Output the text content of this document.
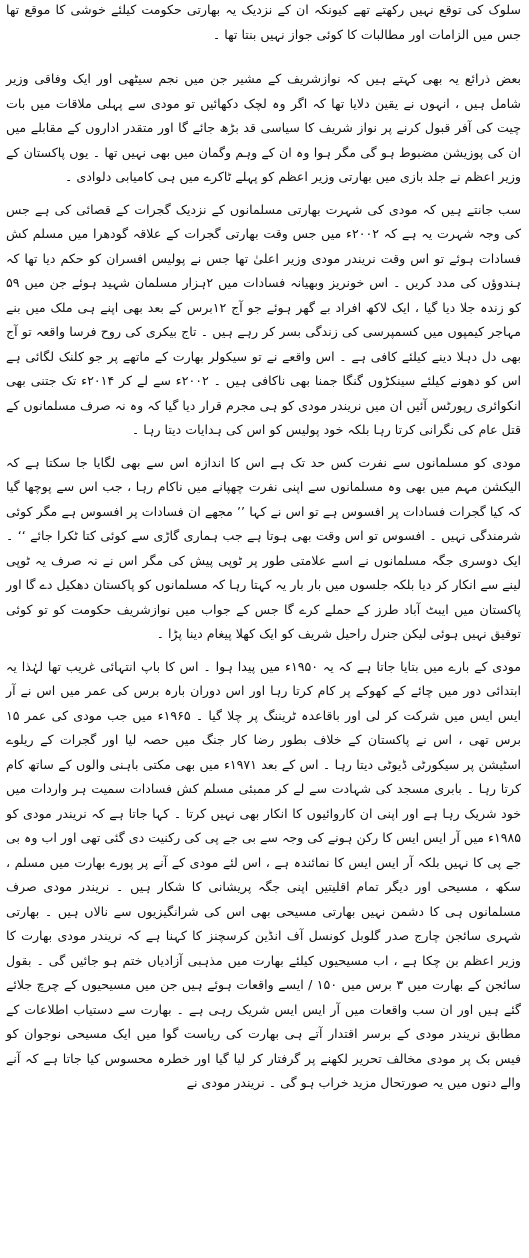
سلوک کی توقع نہیں رکھتے تھے کیونکہ ان کے نزدیک یہ بھارتی حکومت کیلئے خوشی کا موقع تھا جس میں الزامات اور مطالبات کا کوئی جواز نہیں بنتا تھا ۔

بعض ذرائع یہ بھی کہتے ہیں کہ نوازشریف کے مشیر جن میں نجم سیٹھی اور ایک وفاقی وزیر شامل ہیں ، انہوں نے یقین دلایا تھا کہ اگر وہ لچک دکھائیں تو مودی سے پہلی ملاقات میں بات چیت کی آفر قبول کرنے پر نواز شریف کا سیاسی قد بڑھ جائے گا اور متقدر اداروں کے مقابلے میں ان کی پوزیشن مضبوط ہو گی مگر ہوا وہ ان کے وہم وگمان میں بھی نہیں تھا ۔ یوں پاکستان کے وزیر اعظم نے جلد بازی میں بھارتی وزیر اعظم کو پہلے ٹاکرے میں ہی کامیابی دلوادی ۔

سب جانتے ہیں کہ مودی کی شہرت بھارتی مسلمانوں کے نزدیک گجرات کے قصائی کی ہے جس کی وجہ شہرت یہ ہے کہ ۲۰۰۲ء میں جس وقت بھارتی گجرات کے علاقہ گودھرا میں مسلم کش فسادات ہوئے تو اس وقت نریندر مودی وزیر اعلیٰ تھا جس نے پولیس افسران کو حکم دیا تھا کہ ہندوؤں کی مدد کریں ۔ اس خونریز وبھیانہ فسادات میں ۲ہزار مسلمان شہید ہوئے جن میں ۵۹ کو زندہ جلا دیا گیا ، ایک لاکھ افراد بے گھر ہوئے جو آج ۱۲برس کے بعد بھی اپنے ہی ملک میں بنے مہاجر کیمپوں میں کسمپرسی کی زندگی بسر کر رہے ہیں ۔ تاج بیکری کی روح فرسا واقعہ تو آج بھی دل دہلا دینے کیلئے کافی ہے ۔ اس واقعے نے تو سیکولر بھارت کے ماتھے پر جو کلنک لگائی ہے اس کو دھونے کیلئے سینکڑوں گنگا جمنا بھی ناکافی ہیں ۔ ۲۰۰۲ء سے لے کر ۲۰۱۴ء تک جتنی بھی انکوائری رپورٹس آئیں ان میں نریندر مودی کو ہی مجرم قرار دیا گیا کہ وہ نہ صرف مسلمانوں کے قتل عام کی نگرانی کرتا رہا بلکہ خود پولیس کو اس کی ہدایات دیتا رہا ۔

مودی کو مسلمانوں سے نفرت کس حد تک ہے اس کا اندازہ اس سے بھی لگایا جا سکتا ہے کہ الیکشن مہم میں بھی وہ مسلمانوں سے اپنی نفرت چھپانے میں ناکام رہا ، جب اس سے پوچھا گیا کہ کیا گجرات فسادات پر افسوس ہے تو اس نے کہا ’’ مجھے ان فسادات پر افسوس ہے مگر کوئی شرمندگی نہیں ۔ افسوس تو اس وقت بھی ہوتا ہے جب ہماری گاڑی سے کوئی کتا ٹکرا جائے ‘‘ ۔ ایک دوسری جگہ مسلمانوں نے اسے علامتی طور پر ٹوپی پیش کی مگر اس نے نہ صرف یہ ٹوپی لینے سے انکار کر دیا بلکہ جلسوں میں بار بار یہ کہتا رہا کہ مسلمانوں کو پاکستان دھکیل دے گا اور پاکستان میں ایبٹ آباد طرز کے حملے کرے گا جس کے جواب میں نوازشریف حکومت کو تو کوئی توفیق نہیں ہوئی لیکن جنرل راحیل شریف کو ایک کھلا پیغام دینا پڑا ۔

مودی کے بارے میں بتایا جاتا ہے کہ یہ ۱۹۵۰ء میں پیدا ہوا ۔ اس کا باپ انتہائی غریب تھا لہٰذا یہ ابتدائی دور میں چائے کے کھوکے پر کام کرتا رہا اور اس دوران بارہ برس کی عمر میں اس نے آر ایس ایس میں شرکت کر لی اور باقاعدہ ٹریننگ پر چلا گیا ۔ ۱۹۶۵ء میں جب مودی کی عمر ۱۵ برس تھی ، اس نے پاکستان کے خلاف بطور رضا کار جنگ میں حصہ لیا اور گجرات کے ریلوے اسٹیشن پر سیکورٹی ڈیوٹی دیتا رہا ۔ اس کے بعد ۱۹۷۱ء میں بھی مکتی باہنی والوں کے ساتھ کام کرتا رہا ۔ بابری مسجد کی شہادت سے لے کر ممبئی مسلم کش فسادات سمیت ہر واردات میں خود شریک رہا ہے اور اپنی ان کاروائیوں کا انکار بھی نہیں کرتا ۔ کہا جاتا ہے کہ نریندر مودی کو ۱۹۸۵ء میں آر ایس ایس کا رکن ہونے کی وجہ سے بی جے پی کی رکنیت دی گئی تھی اور اب وہ بی جے پی کا نہیں بلکہ آر ایس ایس کا نمائندہ ہے ، اس لئے مودی کے آنے پر پورے بھارت میں مسلم ، سکھ ، مسیحی اور دیگر تمام اقلیتیں اپنی جگہ پریشانی کا شکار ہیں ۔ نریندر مودی صرف مسلمانوں ہی کا دشمن نہیں بھارتی مسیحی بھی اس کی شرانگیزیوں سے نالاں ہیں ۔ بھارتی شہری سائجن چارج صدر گلوبل کونسل آف انڈین کرسچنز کا کہنا ہے کہ نریندر مودی بھارت کا وزیر اعظم بن چکا ہے ، اب مسیحیوں کیلئے بھارت میں مذہبی آزادیاں ختم ہو جائیں گی ۔ بقول سائجن کے بھارت میں ۳ برس میں ۱۵۰ / ایسے واقعات ہوئے ہیں جن میں مسیحیوں کے چرچ جلائے گئے ہیں اور ان سب واقعات میں آر ایس ایس شریک رہی ہے ۔ بھارت سے دستیاب اطلاعات کے مطابق نریندر مودی کے برسر اقتدار آتے ہی بھارت کی ریاست گوا میں ایک مسیحی نوجوان کو فیس بک پر مودی مخالف تحریر لکھنے پر گرفتار کر لیا گیا اور خطرہ محسوس کیا جاتا ہے کہ آنے والے دنوں میں یہ صورتحال مزید خراب ہو گی ۔ نریندر مودی نے
